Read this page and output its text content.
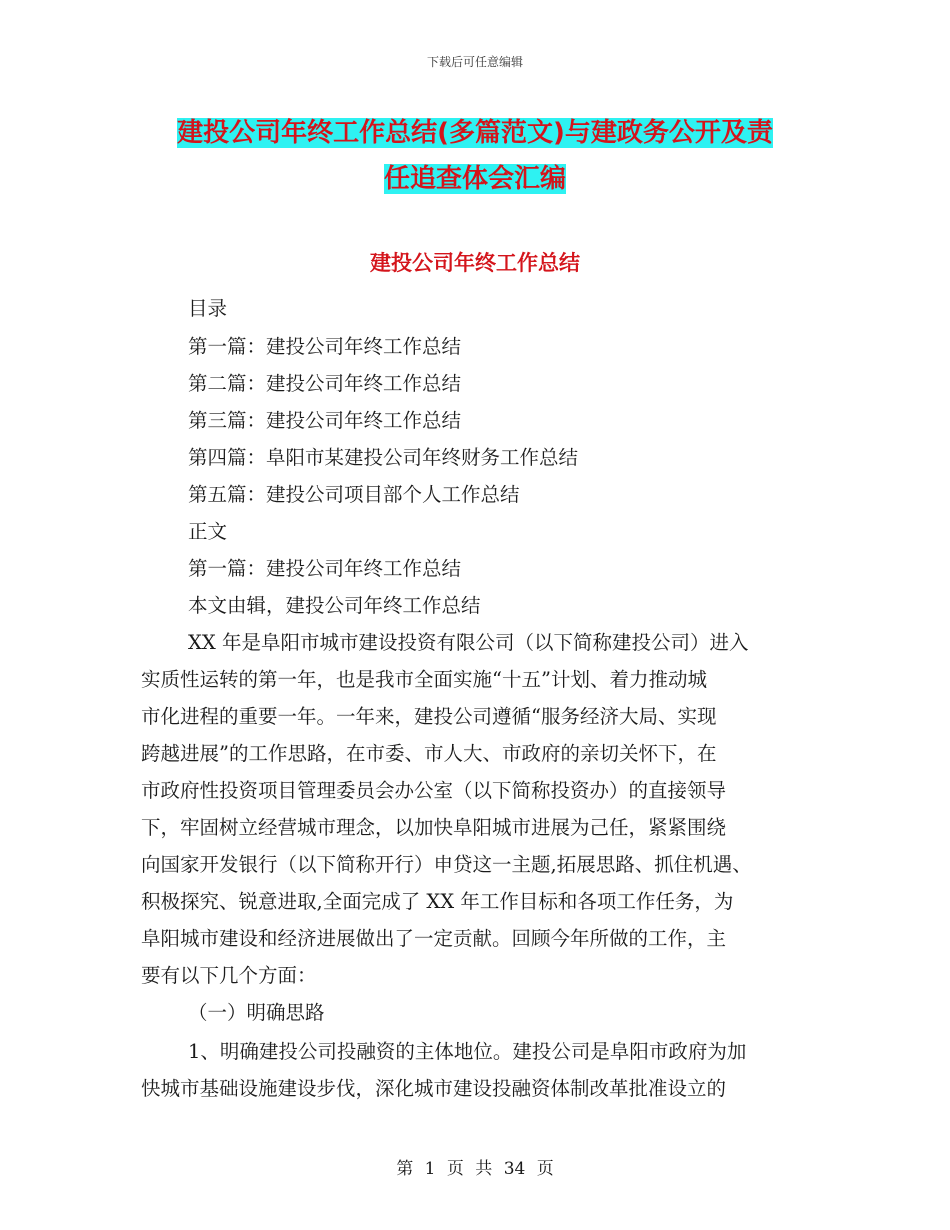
下载后可任意编辑
建投公司年终工作总结(多篇范文)与建政务公开及责
任追查体会汇编
建投公司年终工作总结
目录
第一篇：建投公司年终工作总结
第二篇：建投公司年终工作总结
第三篇：建投公司年终工作总结
第四篇：阜阳市某建投公司年终财务工作总结
第五篇：建投公司项目部个人工作总结
正文
第一篇：建投公司年终工作总结
本文由辑，建投公司年终工作总结
XX 年是阜阳市城市建设投资有限公司（以下简称建投公司）进入
实质性运转的第一年，也是我市全面实施“十五”计划、着力推动城
市化进程的重要一年。一年来，建投公司遵循“服务经济大局、实现
跨越进展”的工作思路，在市委、市人大、市政府的亲切关怀下，在
市政府性投资项目管理委员会办公室（以下简称投资办）的直接领导
下，牢固树立经营城市理念，以加快阜阳城市进展为己任，紧紧围绕
向国家开发银行（以下简称开行）申贷这一主题,拓展思路、抓住机遇、
积极探究、锐意进取,全面完成了 XX 年工作目标和各项工作任务，为
阜阳城市建设和经济进展做出了一定贡献。回顾今年所做的工作，主
要有以下几个方面：
（一）明确思路
1、明确建投公司投融资的主体地位。建投公司是阜阳市政府为加
快城市基础设施建设步伐，深化城市建设投融资体制改革批准设立的
第 1 页 共 34 页
